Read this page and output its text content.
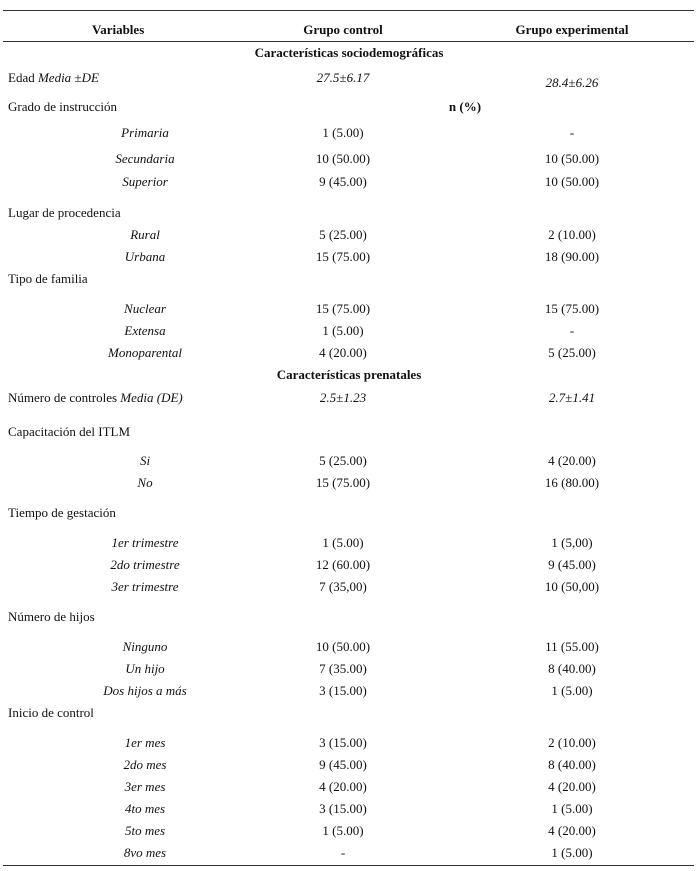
Variables	Grupo control	Grupo experimental
Características sociodemográficas
Edad Media ±DE	27.5±6.17	28.4±6.26
Grado de instrucción	n (%)
Primaria	1 (5.00)	-
Secundaria	10 (50.00)	10 (50.00)
Superior	9 (45.00)	10 (50.00)
Lugar de procedencia
Rural	5 (25.00)	2 (10.00)
Urbana	15 (75.00)	18 (90.00)
Tipo de familia
Nuclear	15 (75.00)	15 (75.00)
Extensa	1 (5.00)	-
Monoparental	4 (20.00)	5 (25.00)
Características prenatales
Número de controles Media (DE)	2.5±1.23	2.7±1.41
Capacitación del ITLM
Si	5 (25.00)	4 (20.00)
No	15 (75.00)	16 (80.00)
Tiempo de gestación
1er trimestre	1 (5.00)	1 (5,00)
2do trimestre	12 (60.00)	9 (45.00)
3er trimestre	7 (35,00)	10 (50,00)
Número de hijos
Ninguno	10 (50.00)	11 (55.00)
Un hijo	7 (35.00)	8 (40.00)
Dos hijos a más	3 (15.00)	1 (5.00)
Inicio de control
1er mes	3 (15.00)	2 (10.00)
2do mes	9 (45.00)	8 (40.00)
3er mes	4 (20.00)	4 (20.00)
4to mes	3 (15.00)	1 (5.00)
5to mes	1 (5.00)	4 (20.00)
8vo mes	-	1 (5.00)
